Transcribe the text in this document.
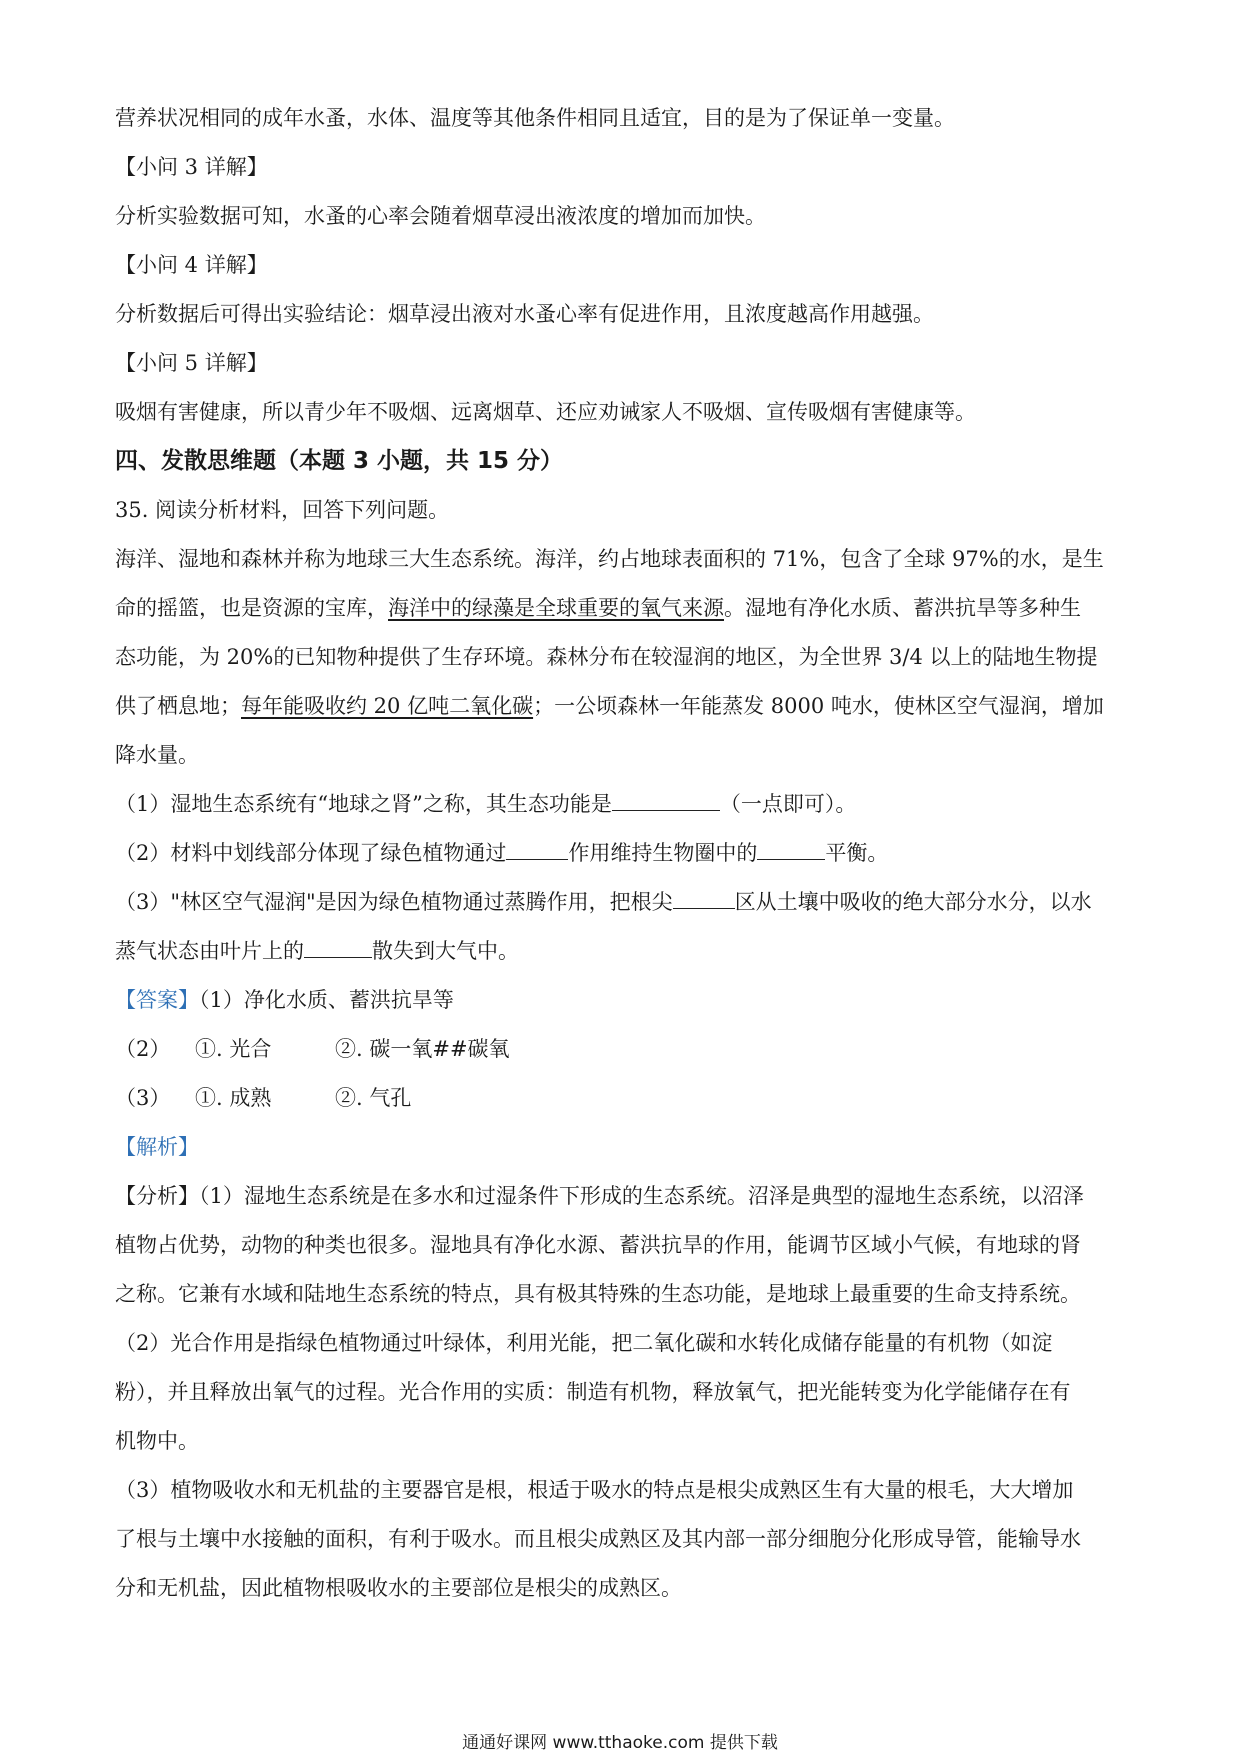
营养状况相同的成年水蚤，水体、温度等其他条件相同且适宜，目的是为了保证单一变量。
【小问 3 详解】
分析实验数据可知，水蚤的心率会随着烟草浸出液浓度的增加而加快。
【小问 4 详解】
分析数据后可得出实验结论：烟草浸出液对水蚤心率有促进作用，且浓度越高作用越强。
【小问 5 详解】
吸烟有害健康，所以青少年不吸烟、远离烟草、还应劝诫家人不吸烟、宣传吸烟有害健康等。
四、发散思维题（本题 3 小题，共 15 分）
35. 阅读分析材料，回答下列问题。
海洋、湿地和森林并称为地球三大生态系统。海洋，约占地球表面积的 71%，包含了全球 97%的水，是生
命的摇篮，也是资源的宝库，海洋中的绿藻是全球重要的氧气来源。湿地有净化水质、蓄洪抗旱等多种生
态功能，为 20%的已知物种提供了生存环境。森林分布在较湿润的地区，为全世界 3/4 以上的陆地生物提
供了栖息地；每年能吸收约 20 亿吨二氧化碳；一公顷森林一年能蒸发 8000 吨水，使林区空气湿润，增加
降水量。
（1）湿地生态系统有“地球之肾”之称，其生态功能是	（一点即可）。
（2）材料中划线部分体现了绿色植物通过	作用维持生物圈中的	平衡。
（3）"林区空气湿润"是因为绿色植物通过蒸腾作用，把根尖	区从土壤中吸收的绝大部分水分，以水
蒸气状态由叶片上的	散失到大气中。
【答案】（1）净化水质、蓄洪抗旱等
（2） ①. 光合	②. 碳一氧##碳氧
（3） ①. 成熟	②. 气孔
【解析】
【分析】（1）湿地生态系统是在多水和过湿条件下形成的生态系统。沼泽是典型的湿地生态系统，以沼泽
植物占优势，动物的种类也很多。湿地具有净化水源、蓄洪抗旱的作用，能调节区域小气候，有地球的肾
之称。它兼有水域和陆地生态系统的特点，具有极其特殊的生态功能，是地球上最重要的生命支持系统。
（2）光合作用是指绿色植物通过叶绿体，利用光能，把二氧化碳和水转化成储存能量的有机物（如淀
粉），并且释放出氧气的过程。光合作用的实质：制造有机物，释放氧气，把光能转变为化学能储存在有
机物中。
（3）植物吸收水和无机盐的主要器官是根，根适于吸水的特点是根尖成熟区生有大量的根毛，大大增加
了根与土壤中水接触的面积，有利于吸水。而且根尖成熟区及其内部一部分细胞分化形成导管，能输导水
分和无机盐，因此植物根吸收水的主要部位是根尖的成熟区。
通通好课网 www.tthaoke.com 提供下载
